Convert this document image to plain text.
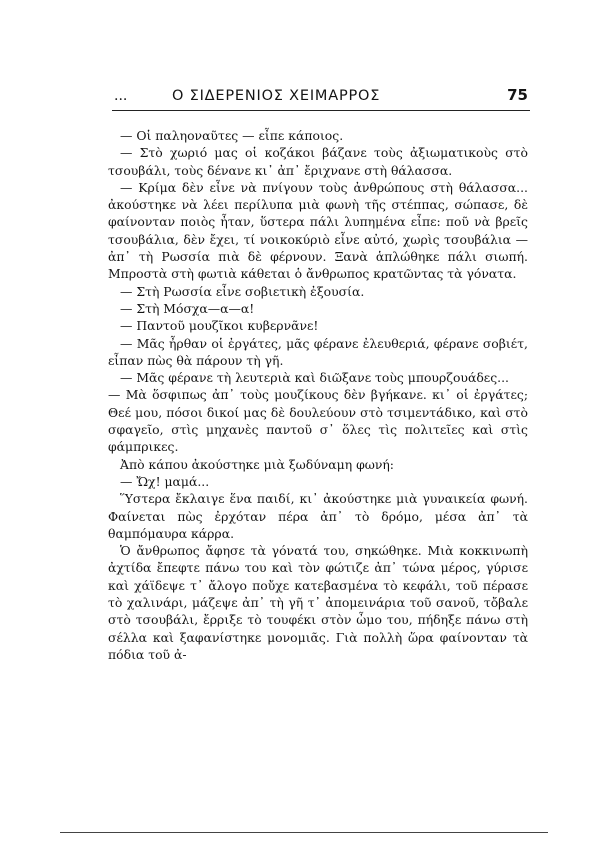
...	Ο ΣΙΔΕΡΕΝΙΟΣ ΧΕΙΜΑΡΡΟΣ	75

— Οἱ παληοναῦτες — εἶπε κάποιος.

— Στὸ χωριό μας οἱ κοζάκοι βάζανε τοὺς ἀξιωματικοὺς στὸ τσουβάλι, τοὺς δένανε κι᾽ ἀπ᾽ ἔριχνανε στὴ θάλασσα.

— Κρίμα δὲν εἶνε νὰ πνίγουν τοὺς ἀνθρώπους στὴ θάλασσα... ἀκούστηκε νὰ λέει περίλυπα μιὰ φωνὴ τῆς στέππας, σώπασε, δὲ φαίνονταν ποιὸς ἦταν, ὕστερα πάλι λυπημένα εἶπε: ποῦ νὰ βρεῖς τσουβάλια, δὲν ἔχει, τί νοικοκύριὸ εἶνε αὐτό, χωρὶς τσουβάλια — ἀπ᾽ τὴ Ρωσσία πιὰ δὲ φέρνουν. Ξανὰ ἁπλώθηκε πάλι σιωπή. Μπροστὰ στὴ φωτιὰ κάθεται ὁ ἄνθρωπος κρατῶντας τὰ γόνατα.

— Στὴ Ρωσσία εἶνε σοβιετικὴ ἐξουσία.

— Στὴ Μόσχα—α—α!

— Παντοῦ μουζῖκοι κυβερνᾶνε!

— Μᾶς ἦρθαν οἱ ἐργάτες, μᾶς φέρανε ἐλευθεριά, φέρανε σοβιέτ, εἶπαν πὼς θὰ πάρουν τὴ γῆ.

— Μᾶς φέρανε τὴ λευτεριὰ καὶ διῶξανε τοὺς μπουρζουάδες...

— Μὰ ὅσφιπως ἀπ᾽ τοὺς μουζίκους δὲν βγήκανε. κι᾽ οἱ ἐργάτες; Θεέ μου, πόσοι δικοί μας δὲ δουλεύουν στὸ τσιμεντάδικο, καὶ στὸ σφαγεῖο, στὶς μηχανὲς παντοῦ σ᾽ ὅλες τὶς πολιτεῖες καὶ στὶς φάμπρικες.

Ἀπὸ κάπου ἀκούστηκε μιὰ ξωδύναμη φωνή:

— Ὤχ! μαμά...

Ὕστερα ἔκλαιγε ἕνα παιδί, κι᾽ ἀκούστηκε μιὰ γυναικεία φωνή. Φαίνεται πὼς ἐρχόταν πέρα ἀπ᾽ τὸ δρόμο, μέσα ἀπ᾽ τὰ θαμπόμαυρα κάρρα.

Ὁ ἄνθρωπος ἄφησε τὰ γόνατά του, σηκώθηκε. Μιὰ κοκκινωπὴ ἀχτίδα ἔπεφτε πάνω του καὶ τὸν φώτιζε ἀπ᾽ τώνα μέρος, γύρισε καὶ χάϊδεψε τ᾽ ἄλογο ποὔχε κατεβασμένα τὸ κεφάλι, τοῦ πέρασε τὸ χαλινάρι, μάζεψε ἀπ᾽ τὴ γῆ τ᾽ ἀπομεινάρια τοῦ σανοῦ, τὄβαλε στὸ τσουβάλι, ἔρριξε τὸ τουφέκι στὸν ὦμο του, πήδηξε πάνω στὴ σέλλα καὶ ξαφανίστηκε μονομιᾶς. Γιὰ πολλὴ ὥρα φαίνονταν τὰ πόδια τοῦ ἀ-
